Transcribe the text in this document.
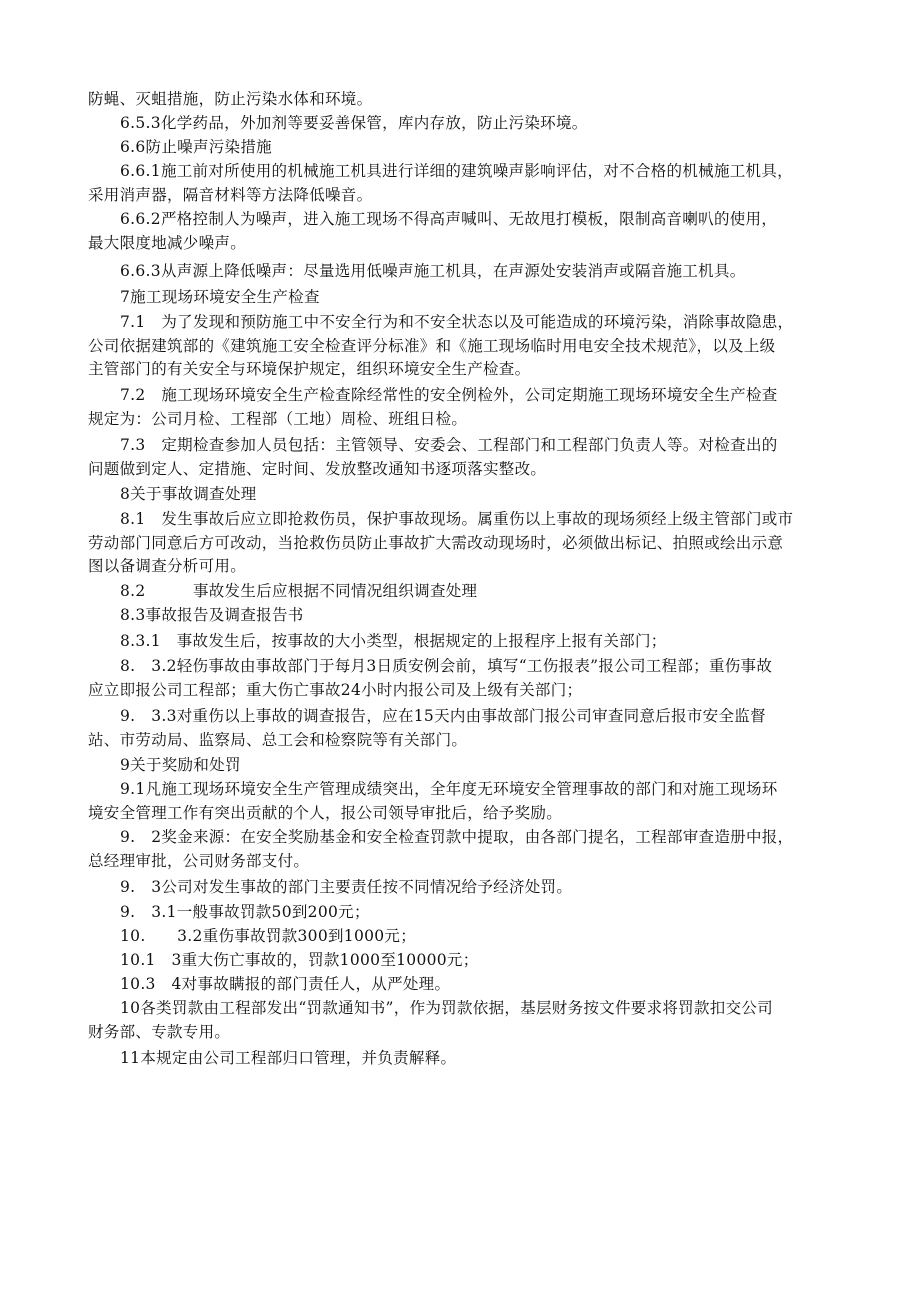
防蝇、灭蛆措施，防止污染水体和环境。

6.5.3化学药品，外加剂等要妥善保管，库内存放，防止污染环境。

6.6防止噪声污染措施

6.6.1施工前对所使用的机械施工机具进行详细的建筑噪声影响评估，对不合格的机械施工机具，
采用消声器，隔音材料等方法降低噪音。

6.6.2严格控制人为噪声，进入施工现场不得高声喊叫、无故甩打模板，限制高音喇叭的使用，
最大限度地减少噪声。

6.6.3从声源上降低噪声：尽量选用低噪声施工机具，在声源处安装消声或隔音施工机具。

7施工现场环境安全生产检查

7.1　为了发现和预防施工中不安全行为和不安全状态以及可能造成的环境污染，消除事故隐患，
公司依据建筑部的《建筑施工安全检查评分标准》和《施工现场临时用电安全技术规范》，以及上级
主管部门的有关安全与环境保护规定，组织环境安全生产检查。

7.2　施工现场环境安全生产检查除经常性的安全例检外，公司定期施工现场环境安全生产检查
规定为：公司月检、工程部（工地）周检、班组日检。

7.3　定期检查参加人员包括：主管领导、安委会、工程部门和工程部门负责人等。对检查出的
问题做到定人、定措施、定时间、发放整改通知书逐项落实整改。

8关于事故调查处理

8.1　发生事故后应立即抢救伤员，保护事故现场。属重伤以上事故的现场须经上级主管部门或市
劳动部门同意后方可改动，当抢救伤员防止事故扩大需改动现场时，必须做出标记、拍照或绘出示意
图以备调查分析可用。

8.2　　　事故发生后应根据不同情况组织调查处理

8.3事故报告及调查报告书

8.3.1　事故发生后，按事故的大小类型，根据规定的上报程序上报有关部门；

8.　3.2轻伤事故由事故部门于每月3日质安例会前，填写“工伤报表”报公司工程部；重伤事故
应立即报公司工程部；重大伤亡事故24小时内报公司及上级有关部门；

9.　3.3对重伤以上事故的调查报告，应在15天内由事故部门报公司审查同意后报市安全监督
站、市劳动局、监察局、总工会和检察院等有关部门。

9关于奖励和处罚

9.1凡施工现场环境安全生产管理成绩突出，全年度无环境安全管理事故的部门和对施工现场环
境安全管理工作有突出贡献的个人，报公司领导审批后，给予奖励。

9.　2奖金来源：在安全奖励基金和安全检查罚款中提取，由各部门提名，工程部审查造册中报，
总经理审批，公司财务部支付。

9.　3公司对发生事故的部门主要责任按不同情况给予经济处罚。

9.　3.1一般事故罚款50到200元；

10.　　3.2重伤事故罚款300到1000元；

10.1　3重大伤亡事故的，罚款1000至10000元；

10.3　4对事故瞒报的部门责任人，从严处理。

10各类罚款由工程部发出“罚款通知书”，作为罚款依据，基层财务按文件要求将罚款扣交公司
财务部、专款专用。

11本规定由公司工程部归口管理，并负责解释。
